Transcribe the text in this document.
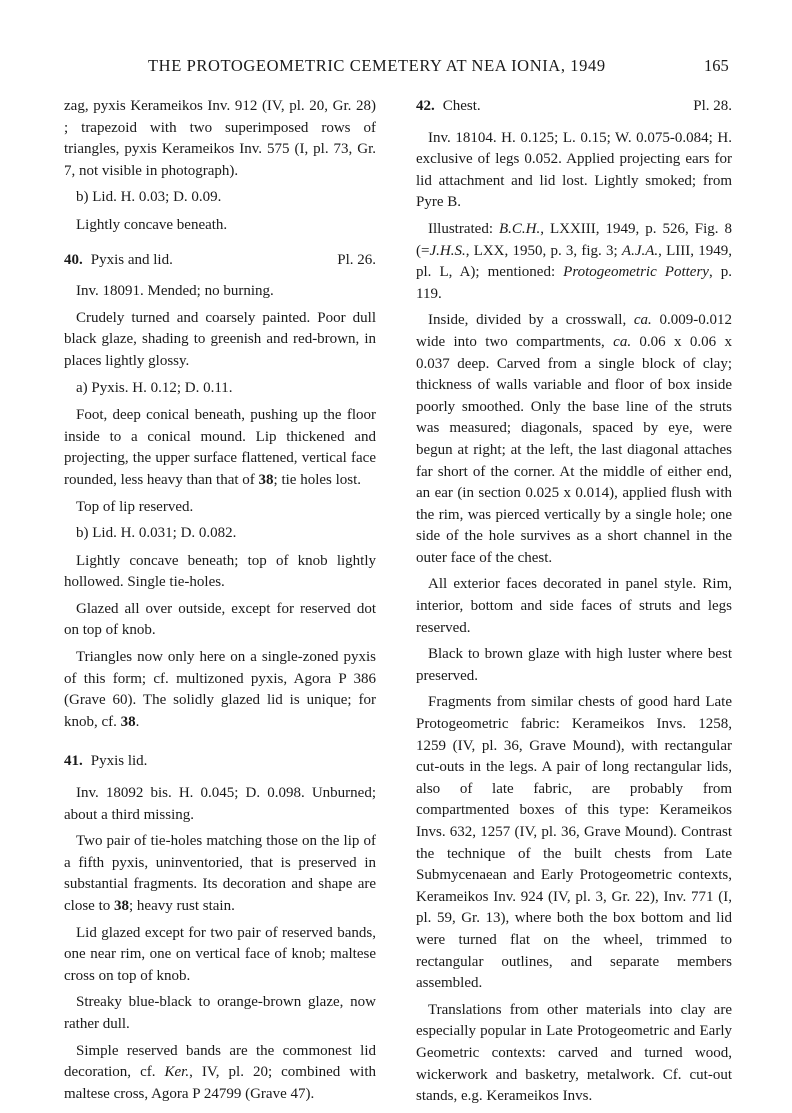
THE PROTOGEOMETRIC CEMETERY AT NEA IONIA, 1949	165

zag, pyxis Kerameikos Inv. 912 (IV, pl. 20, Gr. 28) ; trapezoid with two superimposed rows of triangles, pyxis Kerameikos Inv. 575 (I, pl. 73, Gr. 7, not visible in photograph).

b) Lid. H. 0.03; D. 0.09.

Lightly concave beneath.

40. Pyxis and lid.	Pl. 26.

Inv. 18091. Mended; no burning.

Crudely turned and coarsely painted. Poor dull black glaze, shading to greenish and red-brown, in places lightly glossy.

a) Pyxis. H. 0.12; D. 0.11.

Foot, deep conical beneath, pushing up the floor inside to a conical mound. Lip thickened and projecting, the upper surface flattened, vertical face rounded, less heavy than that of 38; tie holes lost.

Top of lip reserved.

b) Lid. H. 0.031; D. 0.082.

Lightly concave beneath; top of knob lightly hollowed. Single tie-holes.

Glazed all over outside, except for reserved dot on top of knob.

Triangles now only here on a single-zoned pyxis of this form; cf. multizoned pyxis, Agora P 386 (Grave 60). The solidly glazed lid is unique; for knob, cf. 38.

41. Pyxis lid.

Inv. 18092 bis. H. 0.045; D. 0.098. Unburned; about a third missing.

Two pair of tie-holes matching those on the lip of a fifth pyxis, uninventoried, that is preserved in substantial fragments. Its decoration and shape are close to 38; heavy rust stain.

Lid glazed except for two pair of reserved bands, one near rim, one on vertical face of knob; maltese cross on top of knob.

Streaky blue-black to orange-brown glaze, now rather dull.

Simple reserved bands are the commonest lid decoration, cf. Ker., IV, pl. 20; combined with maltese cross, Agora P 24799 (Grave 47).

42. Chest.	Pl. 28.

Inv. 18104. H. 0.125; L. 0.15; W. 0.075-0.084; H. exclusive of legs 0.052. Applied projecting ears for lid attachment and lid lost. Lightly smoked; from Pyre B.

Illustrated: B.C.H., LXXIII, 1949, p. 526, Fig. 8 (=J.H.S., LXX, 1950, p. 3, fig. 3; A.J.A., LIII, 1949, pl. L, A); mentioned: Protogeometric Pottery, p. 119.

Inside, divided by a crosswall, ca. 0.009-0.012 wide into two compartments, ca. 0.06 x 0.06 x 0.037 deep. Carved from a single block of clay; thickness of walls variable and floor of box inside poorly smoothed. Only the base line of the struts was measured; diagonals, spaced by eye, were begun at right; at the left, the last diagonal attaches far short of the corner. At the middle of either end, an ear (in section 0.025 x 0.014), applied flush with the rim, was pierced vertically by a single hole; one side of the hole survives as a short channel in the outer face of the chest.

All exterior faces decorated in panel style. Rim, interior, bottom and side faces of struts and legs reserved.

Black to brown glaze with high luster where best preserved.

Fragments from similar chests of good hard Late Protogeometric fabric: Kerameikos Invs. 1258, 1259 (IV, pl. 36, Grave Mound), with rectangular cut-outs in the legs. A pair of long rectangular lids, also of late fabric, are probably from compartmented boxes of this type: Kerameikos Invs. 632, 1257 (IV, pl. 36, Grave Mound). Contrast the technique of the built chests from Late Submycenaean and Early Protogeometric contexts, Kerameikos Inv. 924 (IV, pl. 3, Gr. 22), Inv. 771 (I, pl. 59, Gr. 13), where both the box bottom and lid were turned flat on the wheel, trimmed to rectangular outlines, and separate members assembled.

Translations from other materials into clay are especially popular in Late Protogeometric and Early Geometric contexts: carved and turned wood, wickerwork and basketry, metalwork. Cf. cut-out stands, e.g. Kerameikos Invs.
